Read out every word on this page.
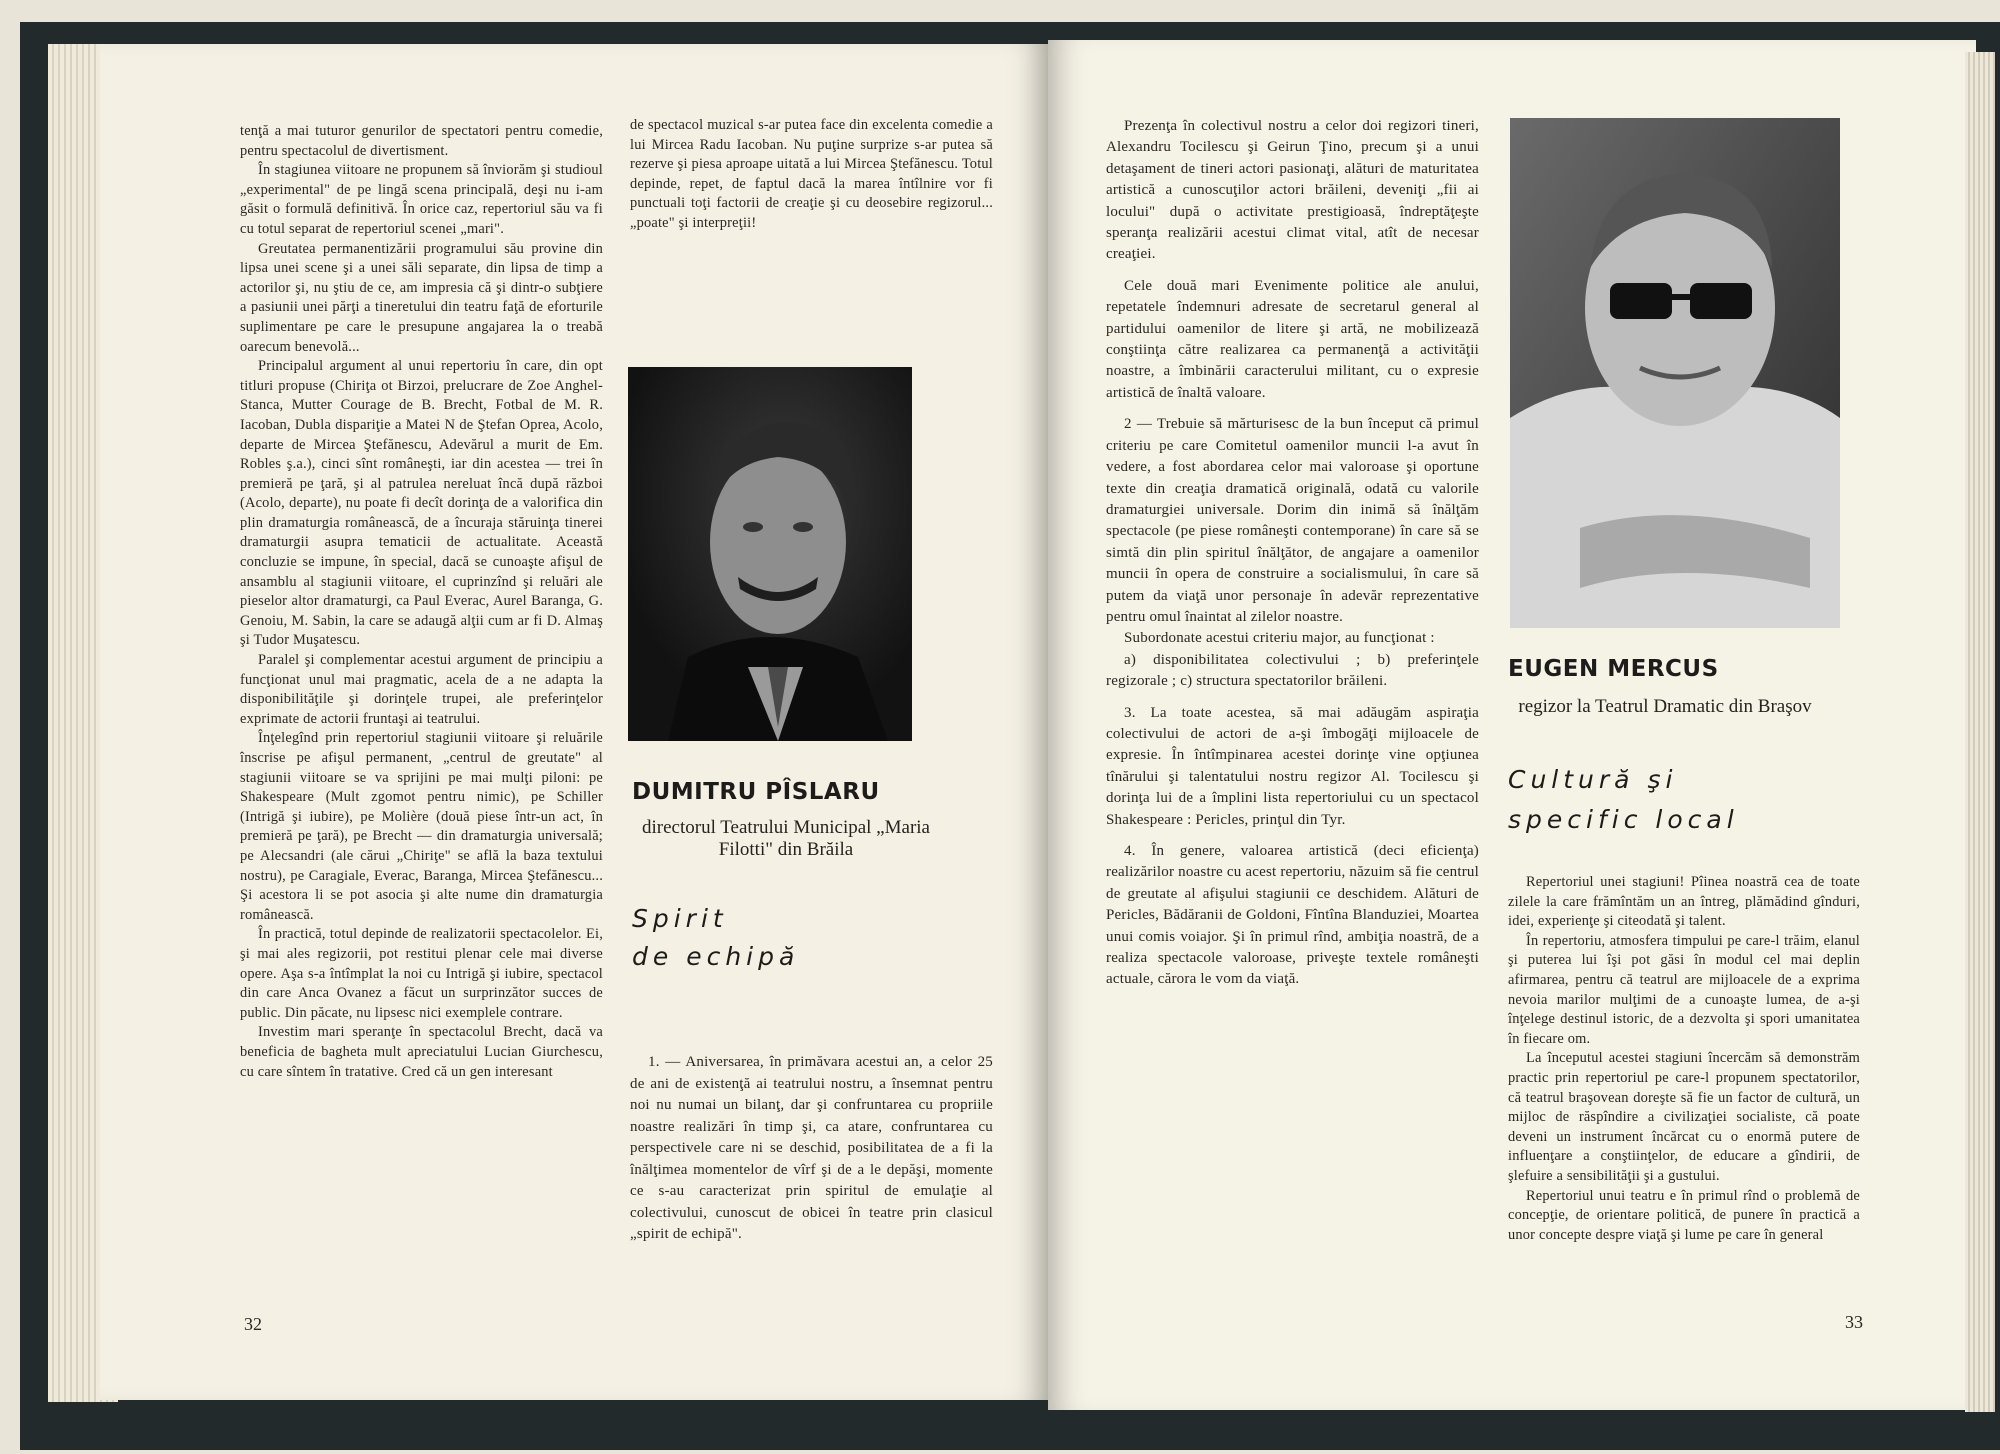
tenţă a mai tuturor genurilor de spectatori pentru comedie, pentru spectacolul de divertisment.

În stagiunea viitoare ne propunem să înviorăm şi studioul „experimental" de pe lingă scena principală, deşi nu i-am găsit o formulă definitivă. În orice caz, repertoriul său va fi cu totul separat de repertoriul scenei „mari".

Greutatea permanentizării programului său provine din lipsa unei scene şi a unei săli separate, din lipsa de timp a actorilor şi, nu ştiu de ce, am impresia că şi dintr-o subţiere a pasiunii unei părţi a tineretului din teatru faţă de eforturile suplimentare pe care le presupune angajarea la o treabă oarecum benevolă...

Principalul argument al unui repertoriu în care, din opt titluri propuse (Chiriţa ot Birzoi, prelucrare de Zoe Anghel-Stanca, Mutter Courage de B. Brecht, Fotbal de M. R. Iacoban, Dubla dispariţie a Matei N de Ştefan Oprea, Acolo, departe de Mircea Ştefănescu, Adevărul a murit de Em. Robles ş.a.), cinci sînt româneşti, iar din acestea — trei în premieră pe ţară, şi al patrulea nereluat încă după război (Acolo, departe), nu poate fi decît dorinţa de a valorifica din plin dramaturgia românească, de a încuraja stăruinţa tinerei dramaturgii asupra tematicii de actualitate. Această concluzie se impune, în special, dacă se cunoaşte afişul de ansamblu al stagiunii viitoare, el cuprinzînd şi reluări ale pieselor altor dramaturgi, ca Paul Everac, Aurel Baranga, G. Genoiu, M. Sabin, la care se adaugă alţii cum ar fi D. Almaş şi Tudor Muşatescu.

Paralel şi complementar acestui argument de principiu a funcţionat unul mai pragmatic, acela de a ne adapta la disponibilităţile şi dorinţele trupei, ale preferinţelor exprimate de actorii fruntaşi ai teatrului.

Înţelegînd prin repertoriul stagiunii viitoare şi reluările înscrise pe afişul permanent, „centrul de greutate" al stagiunii viitoare se va sprijini pe mai mulţi piloni: pe Shakespeare (Mult zgomot pentru nimic), pe Schiller (Intrigă şi iubire), pe Molière (două piese într-un act, în premieră pe ţară), pe Brecht — din dramaturgia universală; pe Alecsandri (ale cărui „Chiriţe" se află la baza textului nostru), pe Caragiale, Everac, Baranga, Mircea Ştefănescu... Şi acestora li se pot asocia şi alte nume din dramaturgia românească.

În practică, totul depinde de realizatorii spectacolelor. Ei, şi mai ales regizorii, pot restitui plenar cele mai diverse opere. Aşa s-a întîmplat la noi cu Intrigă şi iubire, spectacol din care Anca Ovanez a făcut un surprinzător succes de public. Din păcate, nu lipsesc nici exemplele contrare.

Investim mari speranţe în spectacolul Brecht, dacă va beneficia de bagheta mult apreciatului Lucian Giurchescu, cu care sîntem în tratative. Cred că un gen interesant

de spectacol muzical s-ar putea face din excelenta comedie a lui Mircea Radu Iacoban. Nu puţine surprize s-ar putea să rezerve şi piesa aproape uitată a lui Mircea Ştefănescu. Totul depinde, repet, de faptul dacă la marea întîlnire vor fi punctuali toţi factorii de creaţie şi cu deosebire regizorul... „poate" şi interpreţii!

DUMITRU PÎSLARU
directorul Teatrului Municipal „Maria Filotti" din Brăila
Spirit
de echipă

1. — Aniversarea, în primăvara acestui an, a celor 25 de ani de existenţă ai teatrului nostru, a însemnat pentru noi nu numai un bilanţ, dar şi confruntarea cu propriile noastre realizări în timp şi, ca atare, confruntarea cu perspectivele care ni se deschid, posibilitatea de a fi la înălţimea momentelor de vîrf şi de a le depăşi, momente ce s-au caracterizat prin spiritul de emulaţie al colectivului, cunoscut de obicei în teatre prin clasicul „spirit de echipă".

32

Prezenţa în colectivul nostru a celor doi regizori tineri, Alexandru Tocilescu şi Geirun Ţino, precum şi a unui detaşament de tineri actori pasionaţi, alături de maturitatea artistică a cunoscuţilor actori brăileni, deveniţi „fii ai locului" după o activitate prestigioasă, îndreptăţeşte speranţa realizării acestui climat vital, atît de necesar creaţiei.

Cele două mari Evenimente politice ale anului, repetatele îndemnuri adresate de secretarul general al partidului oamenilor de litere şi artă, ne mobilizează conştiinţa către realizarea ca permanenţă a activităţii noastre, a îmbinării caracterului militant, cu o expresie artistică de înaltă valoare.

2 — Trebuie să mărturisesc de la bun început că primul criteriu pe care Comitetul oamenilor muncii l-a avut în vedere, a fost abordarea celor mai valoroase şi oportune texte din creaţia dramatică originală, odată cu valorile dramaturgiei universale. Dorim din inimă să înălţăm spectacole (pe piese româneşti contemporane) în care să se simtă din plin spiritul înălţător, de angajare a oamenilor muncii în opera de construire a socialismului, în care să putem da viaţă unor personaje în adevăr reprezentative pentru omul înaintat al zilelor noastre.

Subordonate acestui criteriu major, au funcţionat :

a) disponibilitatea colectivului ; b) preferinţele regizorale ; c) structura spectatorilor brăileni.

3. La toate acestea, să mai adăugăm aspiraţia colectivului de actori de a-şi îmbogăţi mijloacele de expresie. În întîmpinarea acestei dorinţe vine opţiunea tînărului şi talentatului nostru regizor Al. Tocilescu şi dorinţa lui de a împlini lista repertoriului cu un spectacol Shakespeare : Pericles, prinţul din Tyr.

4. În genere, valoarea artistică (deci eficienţa) realizărilor noastre cu acest repertoriu, năzuim să fie centrul de greutate al afişului stagiunii ce deschidem. Alături de Pericles, Bădăranii de Goldoni, Fîntîna Blanduziei, Moartea unui comis voiajor. Şi în primul rînd, ambiţia noastră, de a realiza spectacole valoroase, priveşte textele româneşti actuale, cărora le vom da viaţă.

EUGEN MERCUS
regizor la Teatrul Dramatic din Braşov
Cultură şi
specific local

Repertoriul unei stagiuni! Pîinea noastră cea de toate zilele la care frămîntăm un an întreg, plămădind gînduri, idei, experienţe şi citeodată şi talent.

În repertoriu, atmosfera timpului pe care-l trăim, elanul şi puterea lui îşi pot găsi în modul cel mai deplin afirmarea, pentru că teatrul are mijloacele de a exprima nevoia marilor mulţimi de a cunoaşte lumea, de a-şi înţelege destinul istoric, de a dezvolta şi spori umanitatea în fiecare om.

La începutul acestei stagiuni încercăm să demonstrăm practic prin repertoriul pe care-l propunem spectatorilor, că teatrul braşovean doreşte să fie un factor de cultură, un mijloc de răspîndire a civilizaţiei socialiste, că poate deveni un instrument încărcat cu o enormă putere de influenţare a conştiinţelor, de educare a gîndirii, de şlefuire a sensibilităţii şi a gustului.

Repertoriul unui teatru e în primul rînd o problemă de concepţie, de orientare politică, de punere în practică a unor concepte despre viaţă şi lume pe care în general

33
